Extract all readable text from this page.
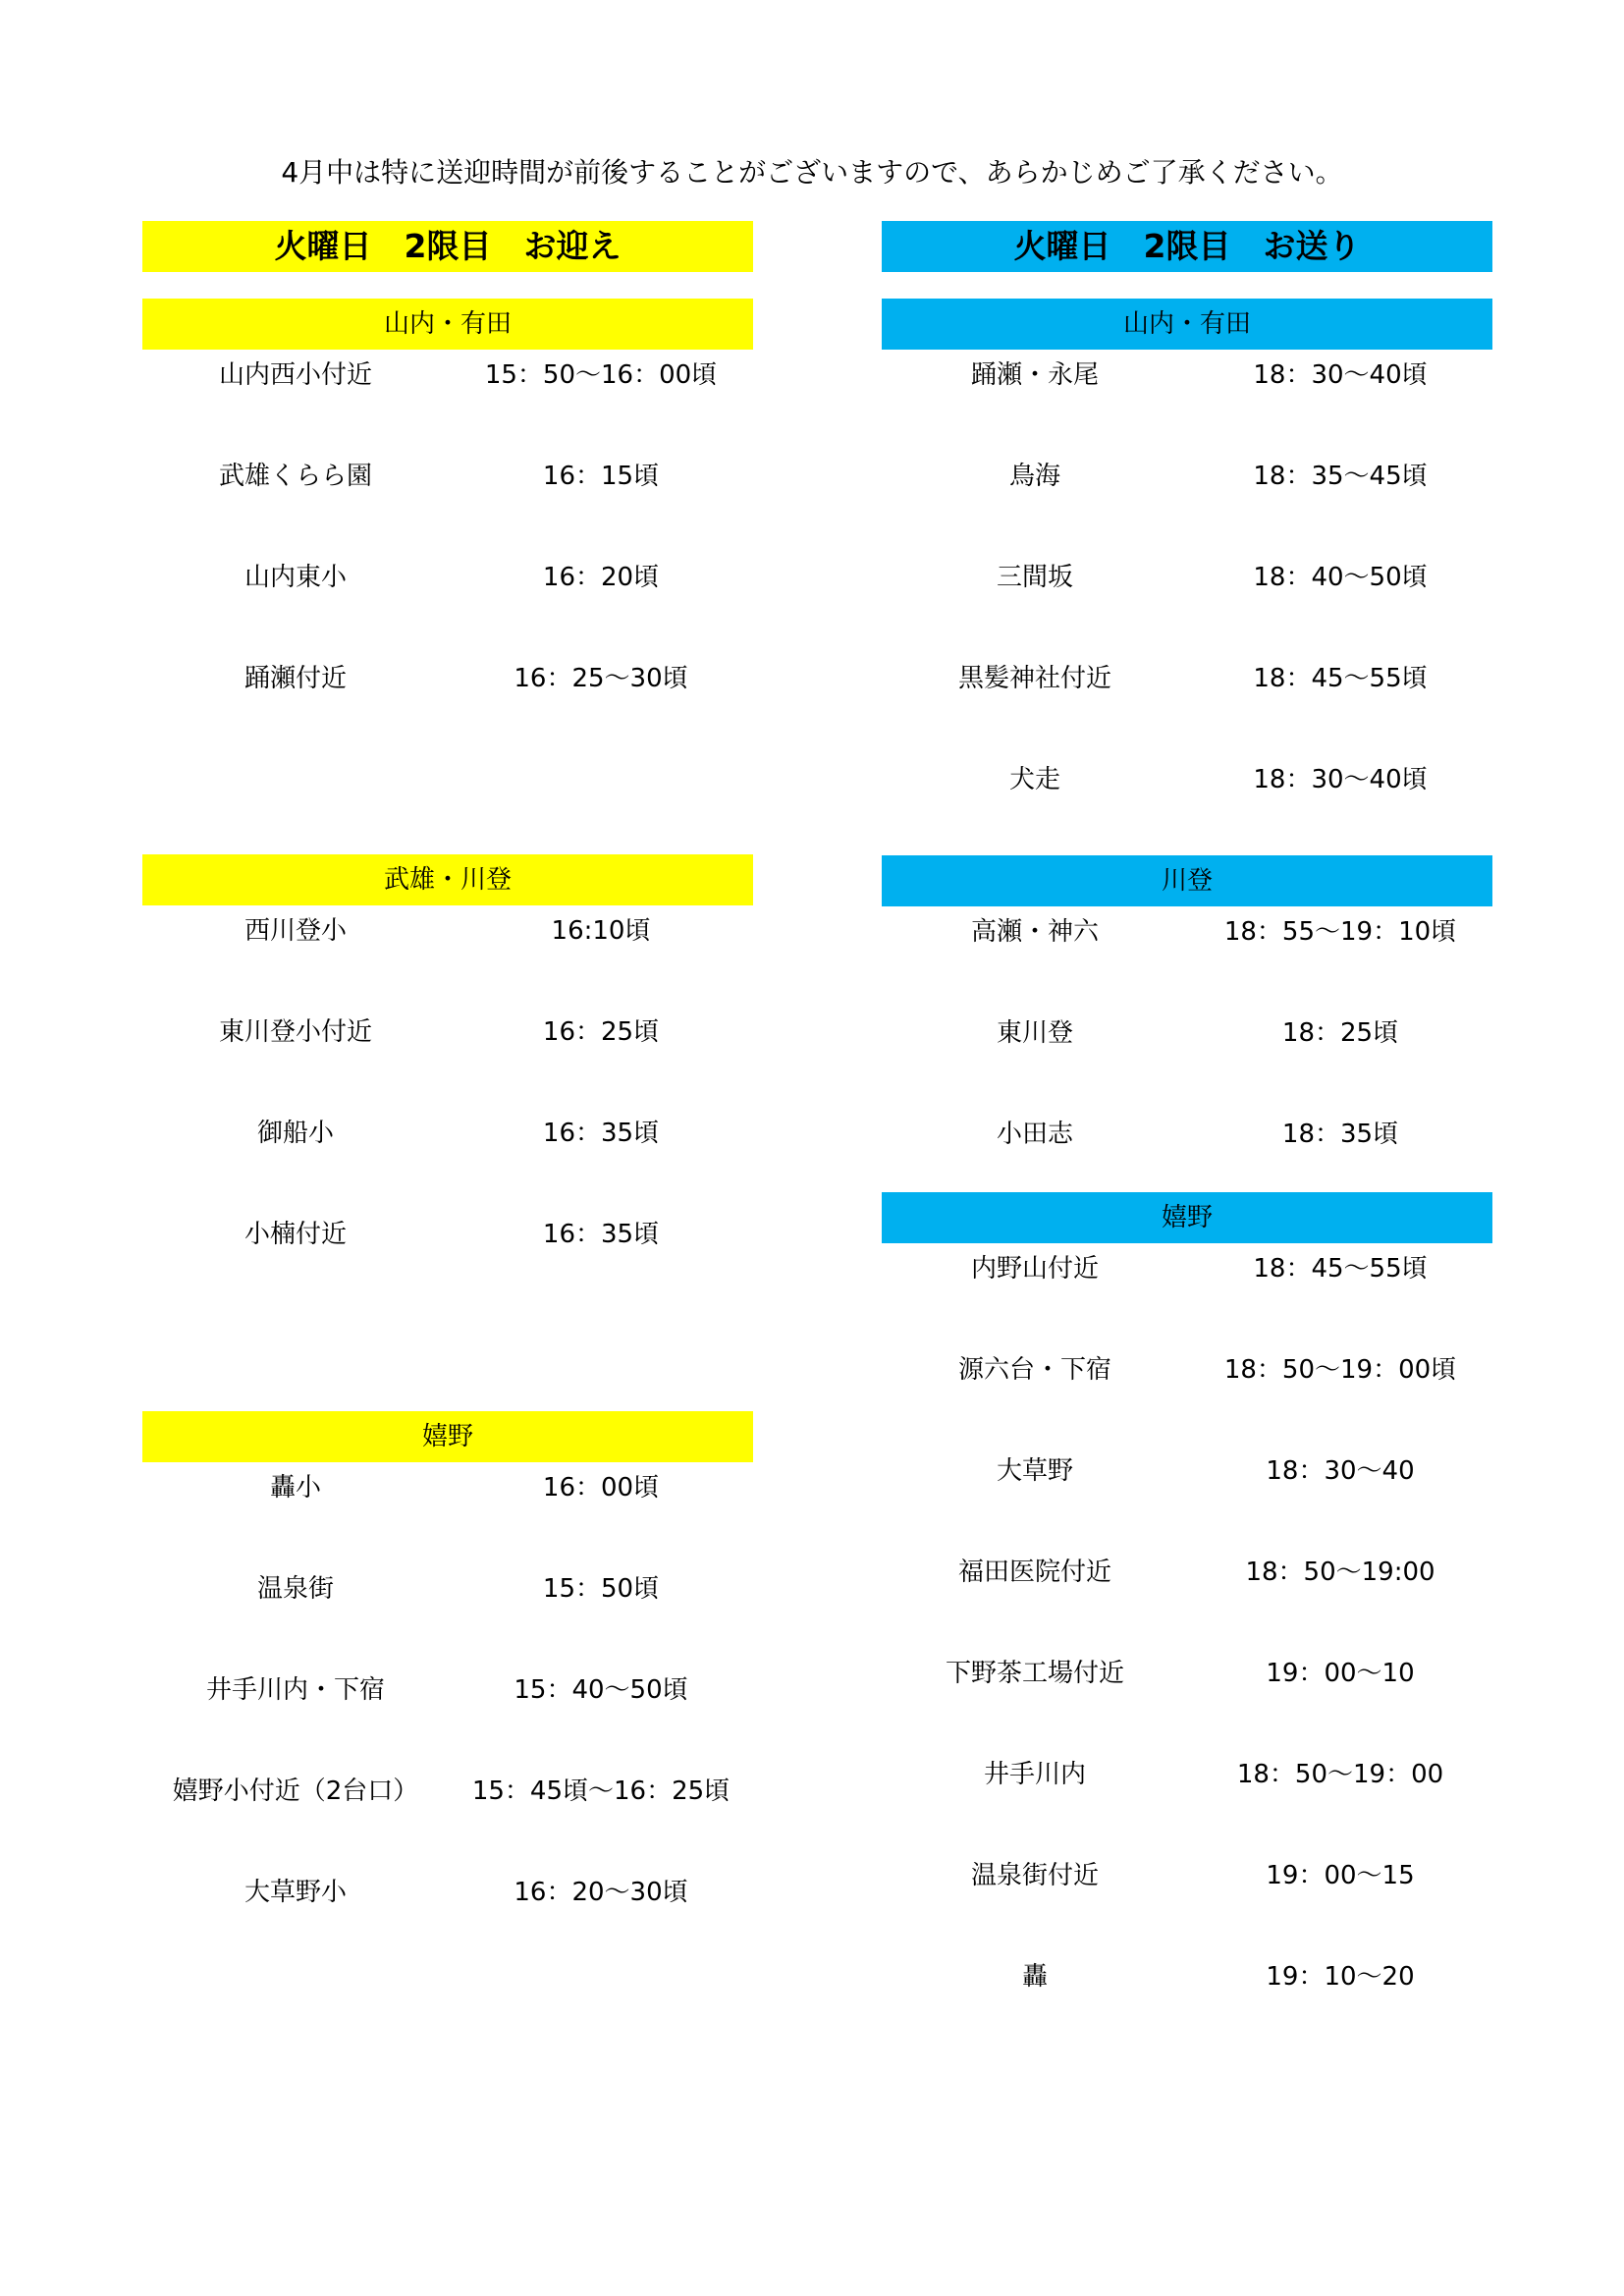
4月中は特に送迎時間が前後することがございますので、あらかじめご了承ください。
火曜日　2限目　お迎え
山内・有田
山内西小付近	15：50～16：00頃
武雄くらら園	16：15頃
山内東小	16：20頃
踊瀬付近	16：25～30頃
武雄・川登
西川登小	16:10頃
東川登小付近	16：25頃
御船小	16：35頃
小楠付近	16：35頃
嬉野
轟小	16：00頃
温泉街	15：50頃
井手川内・下宿	15：40～50頃
嬉野小付近（2台口）	15：45頃～16：25頃
大草野小	16：20～30頃
火曜日　2限目　お送り
山内・有田
踊瀬・永尾	18：30～40頃
鳥海	18：35～45頃
三間坂	18：40～50頃
黒髪神社付近	18：45～55頃
犬走	18：30～40頃
川登
高瀬・神六	18：55～19：10頃
東川登	18：25頃
小田志	18：35頃
嬉野
内野山付近	18：45～55頃
源六台・下宿	18：50～19：00頃
大草野	18：30～40
福田医院付近	18：50～19:00
下野茶工場付近	19：00～10
井手川内	18：50～19：00
温泉街付近	19：00～15
轟	19：10～20
